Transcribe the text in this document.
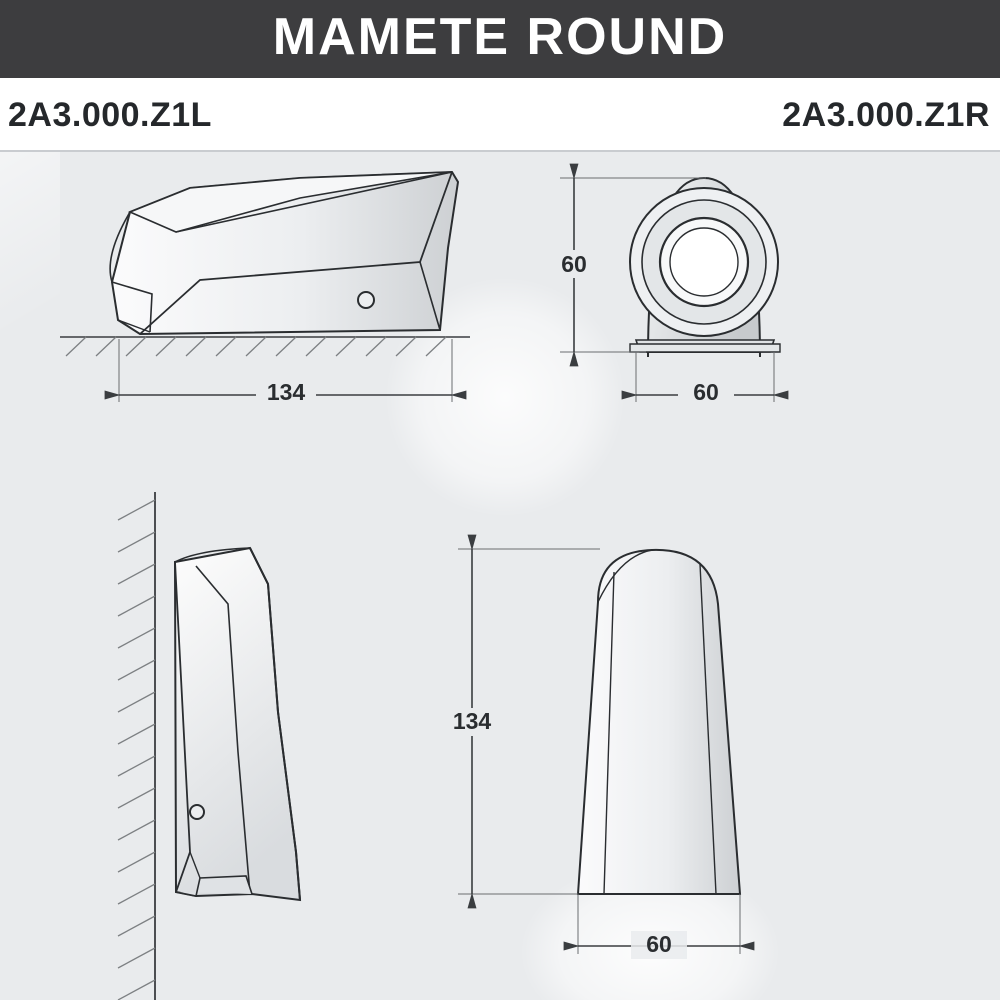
MAMETE ROUND
2A3.000.Z1L	2A3.000.Z1R
134
60
60
134
60
